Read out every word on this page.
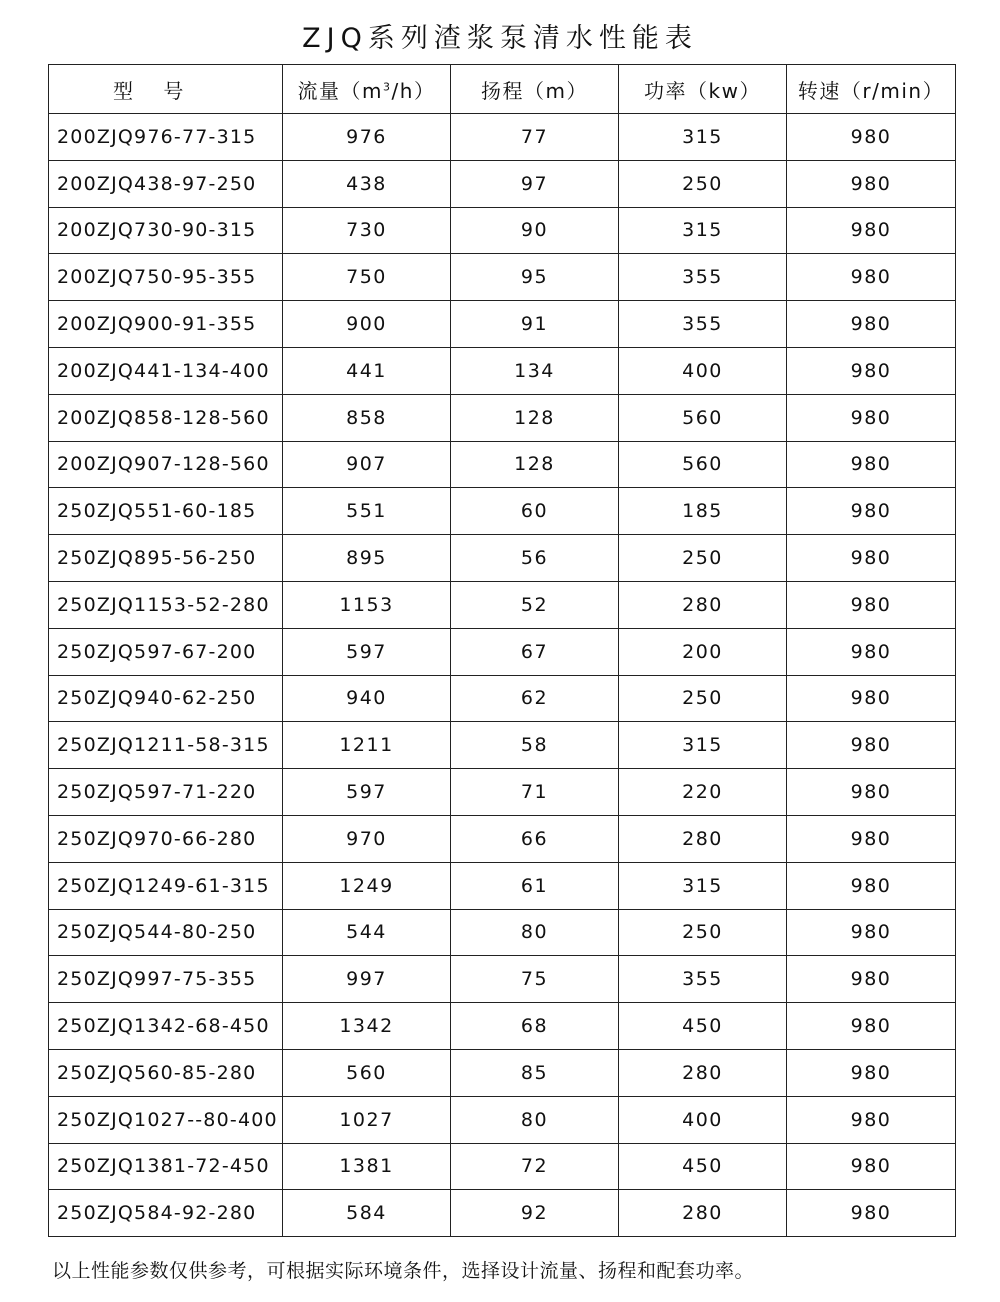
ZJQ系列渣浆泵清水性能表
型 号	流量$(m^3/h)$	扬程（m）	功率（kw）	转速（r/min）
200ZJQ976-77-315	976	77	315	980
200ZJQ438-97-250	438	97	250	980
200ZJQ730-90-315	730	90	315	980
200ZJQ750-95-355	750	95	355	980
200ZJQ900-91-355	900	91	355	980
200ZJQ441-134-400	441	134	400	980
200ZJQ858-128-560	858	128	560	980
200ZJQ907-128-560	907	128	560	980
250ZJQ551-60-185	551	60	185	980
250ZJQ895-56-250	895	56	250	980
250ZJQ1153-52-280	1153	52	280	980
250ZJQ597-67-200	597	67	200	980
250ZJQ940-62-250	940	62	250	980
250ZJQ1211-58-315	1211	58	315	980
250ZJQ597-71-220	597	71	220	980
250ZJQ970-66-280	970	66	280	980
250ZJQ1249-61-315	1249	61	315	980
250ZJQ544-80-250	544	80	250	980
250ZJQ997-75-355	997	75	355	980
250ZJQ1342-68-450	1342	68	450	980
250ZJQ560-85-280	560	85	280	980
250ZJQ1027--80-400	1027	80	400	980
250ZJQ1381-72-450	1381	72	450	980
250ZJQ584-92-280	584	92	280	980
以上性能参数仅供参考，可根据实际环境条件，选择设计流量、扬程和配套功率。
